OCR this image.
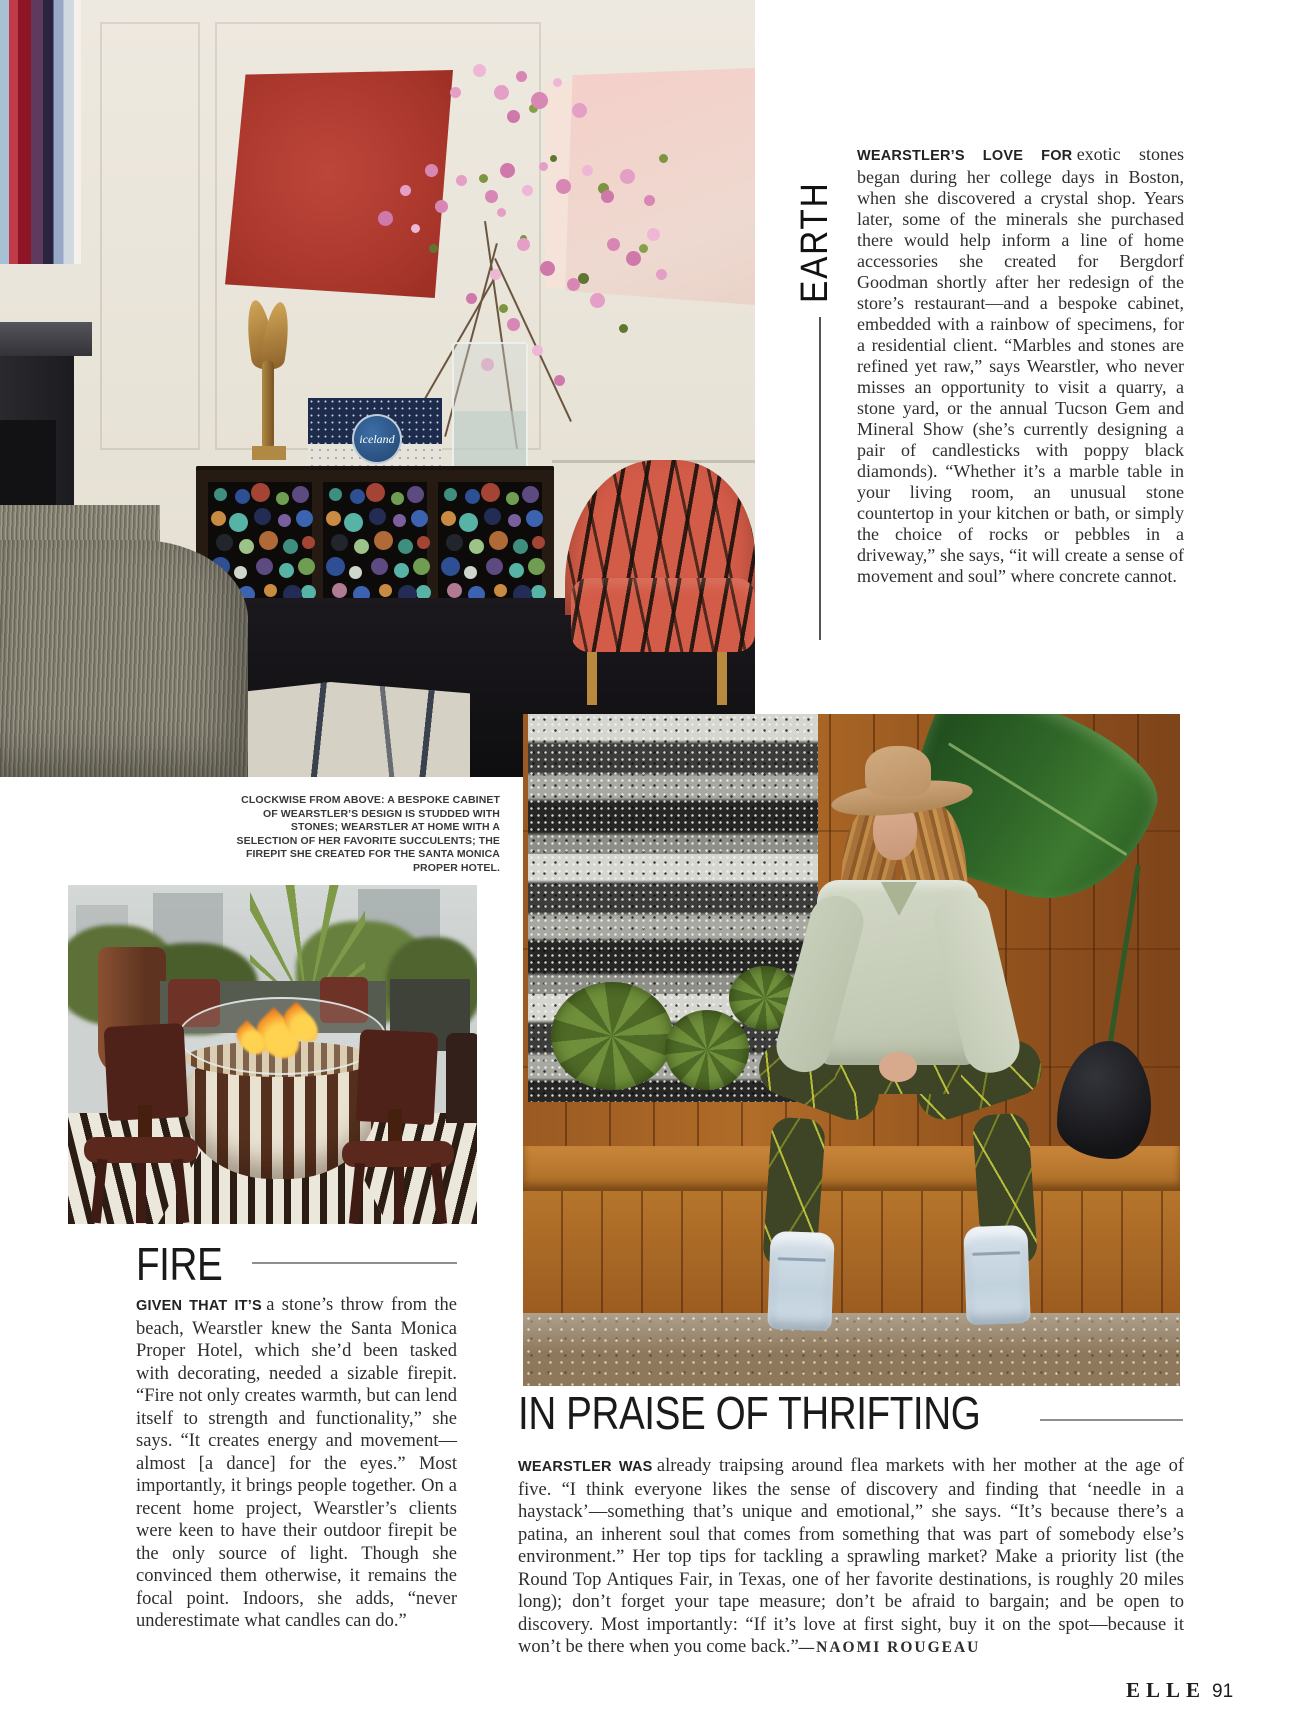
iceland
EARTH

WEARSTLER’S LOVE FOR exotic stones began during her college days in Boston, when she discovered a crystal shop. Years later, some of the minerals she purchased there would help inform a line of home accessories she created for Bergdorf Goodman shortly after her redesign of the store’s restaurant—and a bespoke cabinet, embedded with a rainbow of specimens, for a residential client. “Marbles and stones are refined yet raw,” says Wearstler, who never misses an opportunity to visit a quarry, a stone yard, or the annual Tucson Gem and Mineral Show (she’s currently designing a pair of candlesticks with poppy black diamonds). “Whether it’s a marble table in your living room, an unusual stone countertop in your kitchen or bath, or simply the choice of rocks or pebbles in a driveway,” she says, “it will create a sense of movement and soul” where concrete cannot.

CLOCKWISE FROM ABOVE: A BESPOKE CABINET OF WEARSTLER’S DESIGN IS STUDDED WITH STONES; WEARSTLER AT HOME WITH A SELECTION OF HER FAVORITE SUCCULENTS; THE FIREPIT SHE CREATED FOR THE SANTA MONICA PROPER HOTEL.
FIRE

GIVEN THAT IT’S a stone’s throw from the beach, Wearstler knew the Santa Monica Proper Hotel, which she’d been tasked with decorating, needed a sizable firepit. “Fire not only creates warmth, but can lend itself to strength and functionality,” she says. “It creates energy and movement—almost [a dance] for the eyes.” Most importantly, it brings people together. On a recent home project, Wearstler’s clients were keen to have their outdoor firepit be the only source of light. Though she convinced them otherwise, it remains the focal point. Indoors, she adds, “never underestimate what candles can do.”

IN PRAISE OF THRIFTING

WEARSTLER WAS already traipsing around flea markets with her mother at the age of five. “I think everyone likes the sense of discovery and finding that ‘needle in a haystack’—something that’s unique and emotional,” she says. “It’s because there’s a patina, an inherent soul that comes from something that was part of somebody else’s environment.” Her top tips for tackling a sprawling market? Make a priority list (the Round Top Antiques Fair, in Texas, one of her favorite destinations, is roughly 20 miles long); don’t forget your tape measure; don’t be afraid to bargain; and be open to discovery. Most importantly: “If it’s love at first sight, buy it on the spot—because it won’t be there when you come back.”—NAOMI ROUGEAU

ELLE 91
